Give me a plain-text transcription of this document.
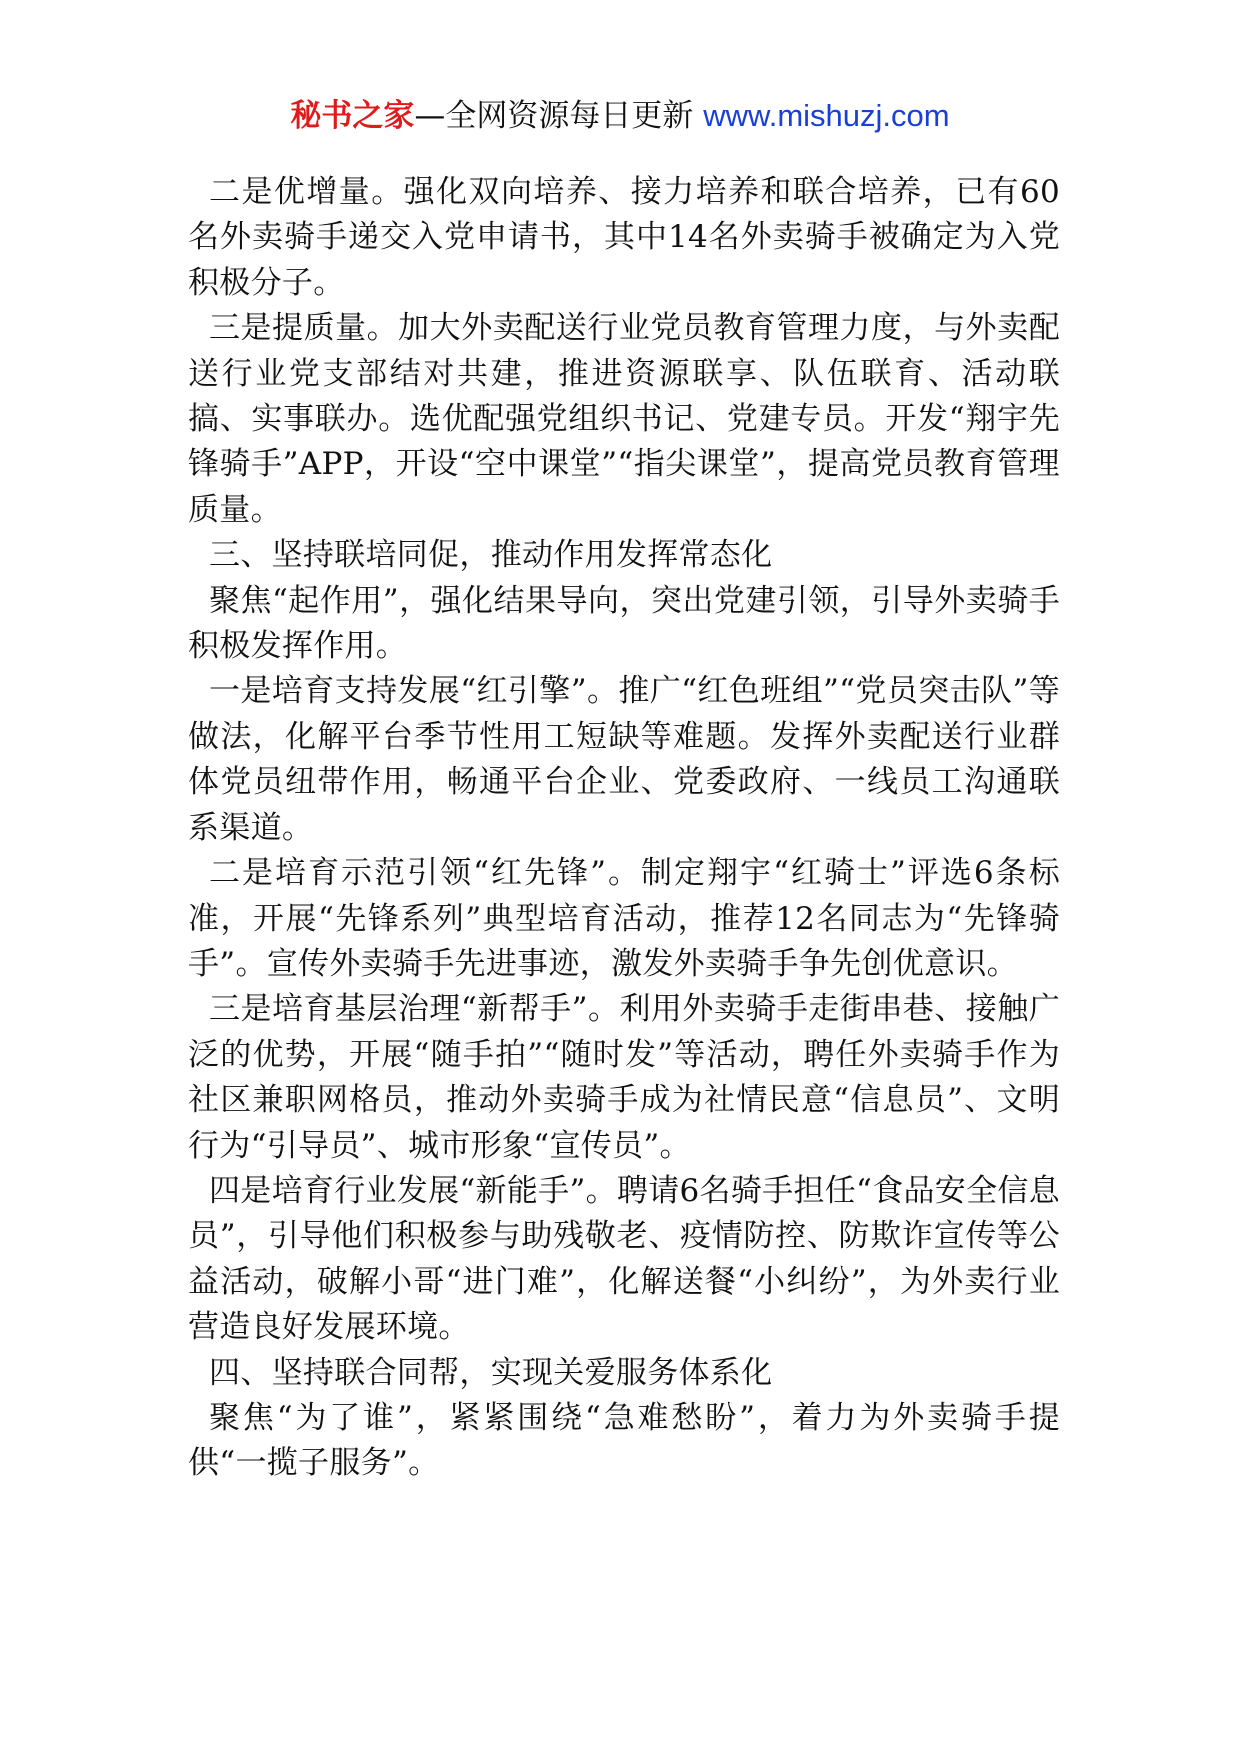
秘书之家—全网资源每日更新 www.mishuzj.com

二是优增量。强化双向培养、接力培养和联合培养，已有60名外卖骑手递交入党申请书，其中14名外卖骑手被确定为入党积极分子。

三是提质量。加大外卖配送行业党员教育管理力度，与外卖配送行业党支部结对共建，推进资源联享、队伍联育、活动联搞、实事联办。选优配强党组织书记、党建专员。开发“翔宇先锋骑手”APP，开设“空中课堂”“指尖课堂”，提高党员教育管理质量。

三、坚持联培同促，推动作用发挥常态化

聚焦“起作用”，强化结果导向，突出党建引领，引导外卖骑手积极发挥作用。

一是培育支持发展“红引擎”。推广“红色班组”“党员突击队”等做法，化解平台季节性用工短缺等难题。发挥外卖配送行业群体党员纽带作用，畅通平台企业、党委政府、一线员工沟通联系渠道。

二是培育示范引领“红先锋”。制定翔宇“红骑士”评选6条标准，开展“先锋系列”典型培育活动，推荐12名同志为“先锋骑手”。宣传外卖骑手先进事迹，激发外卖骑手争先创优意识。

三是培育基层治理“新帮手”。利用外卖骑手走街串巷、接触广泛的优势，开展“随手拍”“随时发”等活动，聘任外卖骑手作为社区兼职网格员，推动外卖骑手成为社情民意“信息员”、文明行为“引导员”、城市形象“宣传员”。

四是培育行业发展“新能手”。聘请6名骑手担任“食品安全信息员”，引导他们积极参与助残敬老、疫情防控、防欺诈宣传等公益活动，破解小哥“进门难”，化解送餐“小纠纷”，为外卖行业营造良好发展环境。

四、坚持联合同帮，实现关爱服务体系化

聚焦“为了谁”，紧紧围绕“急难愁盼”，着力为外卖骑手提供“一揽子服务”。
